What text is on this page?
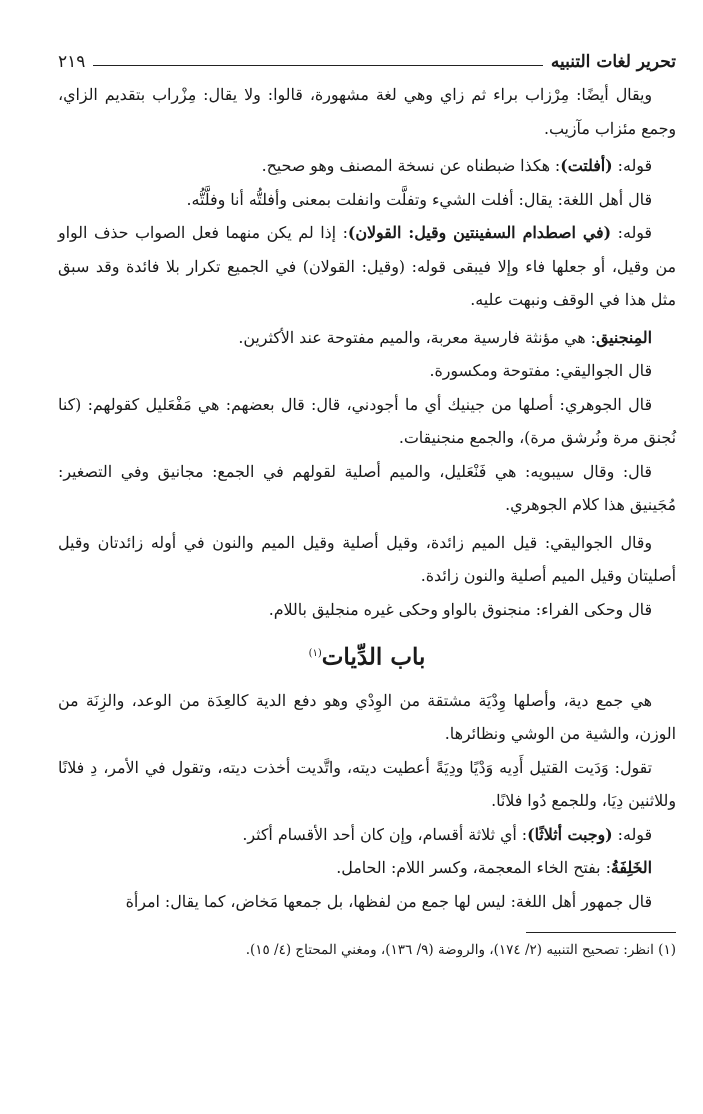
تحرير لغات التنبيه
٢١٩

ويقال أيضًا: مِرْزاب براء ثم زاي وهي لغة مشهورة، قالوا: ولا يقال: مِزْراب بتقديم الزاي، وجمع مئزاب مآزيب.

قوله: (أفلتت): هكذا ضبطناه عن نسخة المصنف وهو صحيح.

قال أهل اللغة: يقال: أفلت الشيء وتفلَّت وانفلت بمعنى وأفلتُّه أنا وفلَّتُّه.

قوله: (في اصطدام السفينتين وقيل: القولان): إذا لم يكن منهما فعل الصواب حذف الواو من وقيل، أو جعلها فاء وإلا فيبقى قوله: (وقيل: القولان) في الجميع تكرار بلا فائدة وقد سبق مثل هذا في الوقف ونبهت عليه.

المِنجنيق: هي مؤنثة فارسية معربة، والميم مفتوحة عند الأكثرين.

قال الجواليقي: مفتوحة ومكسورة.

قال الجوهري: أصلها من جينيك أي ما أجودني، قال: قال بعضهم: هي مَفْعَليل كقولهم: (كنا نُجنق مرة ونُرشق مرة)، والجمع منجنيقات.

قال: وقال سيبويه: هي فَنْعَليل، والميم أصلية لقولهم في الجمع: مجانيق وفي التصغير: مُجَينيق هذا كلام الجوهري.

وقال الجواليقي: قيل الميم زائدة، وقيل أصلية وقيل الميم والنون في أوله زائدتان وقيل أصليتان وقيل الميم أصلية والنون زائدة.

قال وحكى الفراء: منجنوق بالواو وحكى غيره منجليق باللام.

باب الدِّيات$^{(١)}$

هي جمع دية، وأصلها وِدْيَة مشتقة من الوِدْي وهو دفع الدية كالعِدَة من الوعد، والزِنَة من الوزن، والشية من الوشي ونظائرها.

تقول: وَدَيت القتيل أَدِيه وَدْيًا ودِيَةً أعطيت ديته، واتَّديت أخذت ديته، وتقول في الأمر، دِ فلانًا وللاثنين دِيَا، وللجمع دُوا فلانًا.

قوله: (وجبت أثلاثًا): أي ثلاثة أقسام، وإن كان أحد الأقسام أكثر.

الخَلِفَةُ: بفتح الخاء المعجمة، وكسر اللام: الحامل.

قال جمهور أهل اللغة: ليس لها جمع من لفظها، بل جمعها مَخاض، كما يقال: امرأة

(١) انظر: تصحيح التنبيه (٢/ ١٧٤)، والروضة (٩/ ١٣٦)، ومغني المحتاج (٤/ ١٥).
